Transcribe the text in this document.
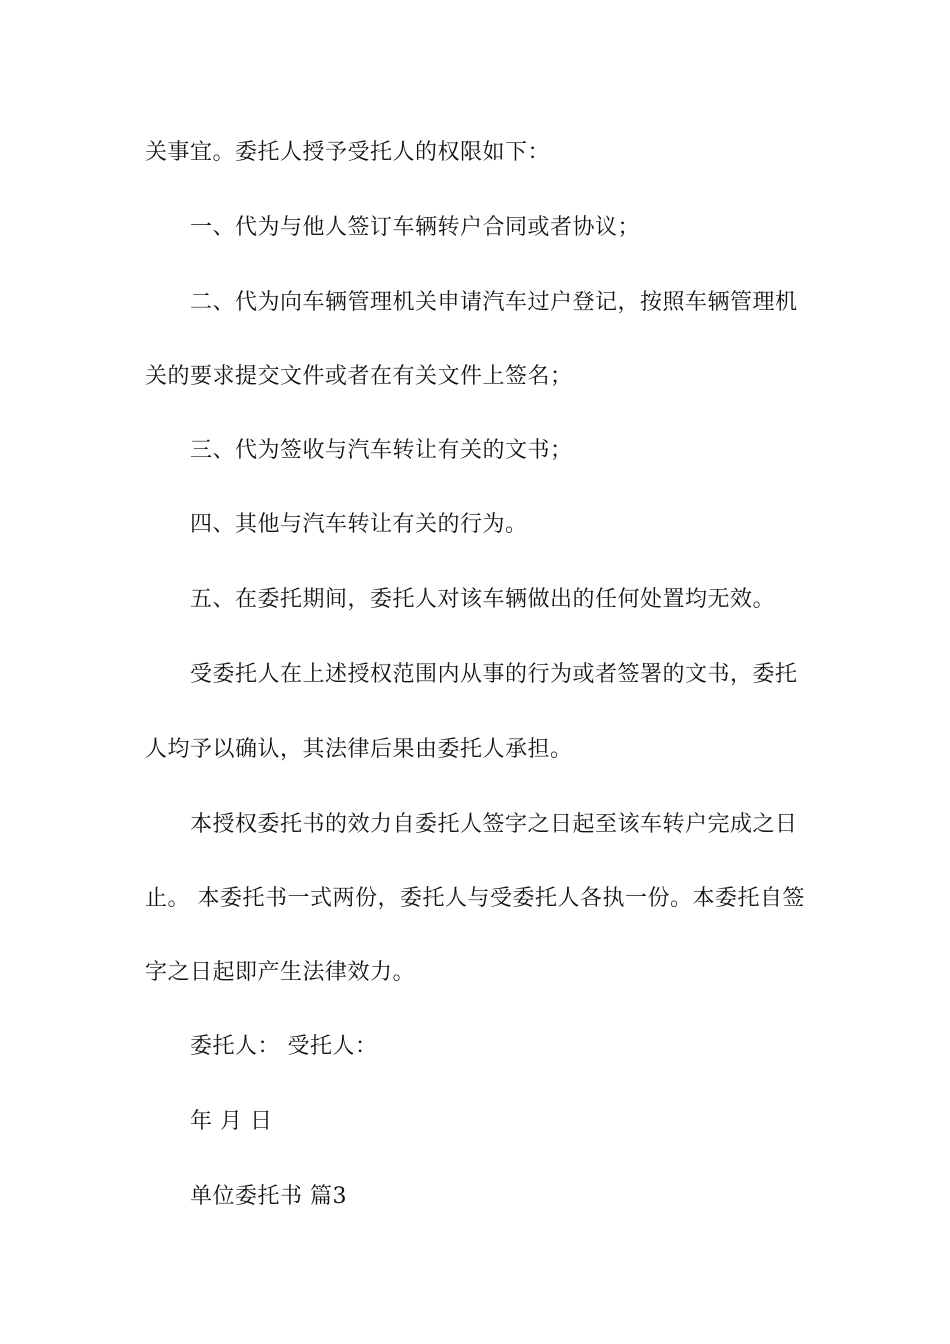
关事宜。委托人授予受托人的权限如下：
一、代为与他人签订车辆转户合同或者协议；
二、代为向车辆管理机关申请汽车过户登记，按照车辆管理机
关的要求提交文件或者在有关文件上签名；
三、代为签收与汽车转让有关的文书；
四、其他与汽车转让有关的行为。
五、在委托期间，委托人对该车辆做出的任何处置均无效。
受委托人在上述授权范围内从事的行为或者签署的文书，委托
人均予以确认，其法律后果由委托人承担。
本授权委托书的效力自委托人签字之日起至该车转户完成之日
止。 本委托书一式两份，委托人与受委托人各执一份。本委托自签
字之日起即产生法律效力。
委托人： 受托人：
年 月 日
单位委托书 篇3
